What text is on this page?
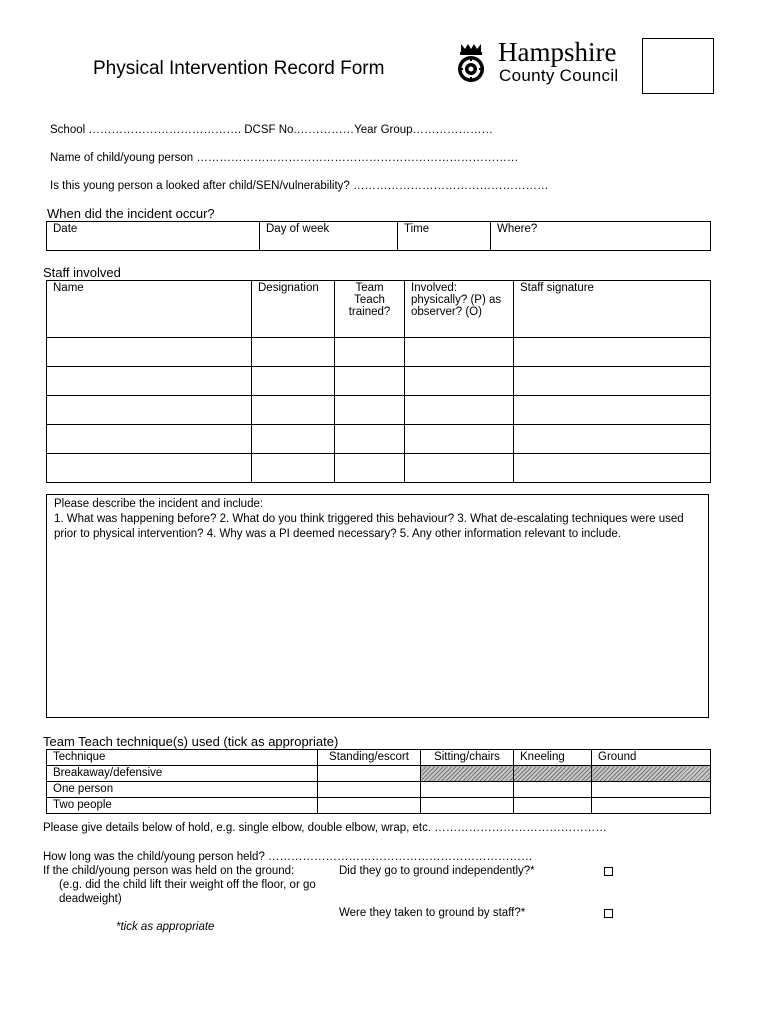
Physical Intervention Record Form
Hampshire
County Council
School …………………………………. DCSF No.……………Year Group…………………
Name of child/young person …………………………………………………………………………
Is this young person a looked after child/SEN/vulnerability? ……………………………………………
When did the incident occur?
Date	Day of week	Time	Where?
Staff involved
Name	Designation	Team Teach trained?	Involved: physically? (P) as observer? (O)	Staff signature

Please describe the incident and include:
1. What was happening before? 2. What do you think triggered this behaviour? 3. What de-escalating techniques were used prior to physical intervention? 4. Why was a PI deemed necessary? 5. Any other information relevant to include.
Team Teach technique(s) used (tick as appropriate)
Technique	Standing/escort	Sitting/chairs	Kneeling	Ground
Breakaway/defensive				
One person				
Two people				
Please give details below of hold, e.g. single elbow, double elbow, wrap, etc. ………………………………………
How long was the child/young person held? ……………………………………………………………
If the child/young person was held on the ground:
(e.g. did the child lift their weight off the floor, or go
deadweight)
Did they go to ground independently?*
Were they taken to ground by staff?*
*tick as appropriate
